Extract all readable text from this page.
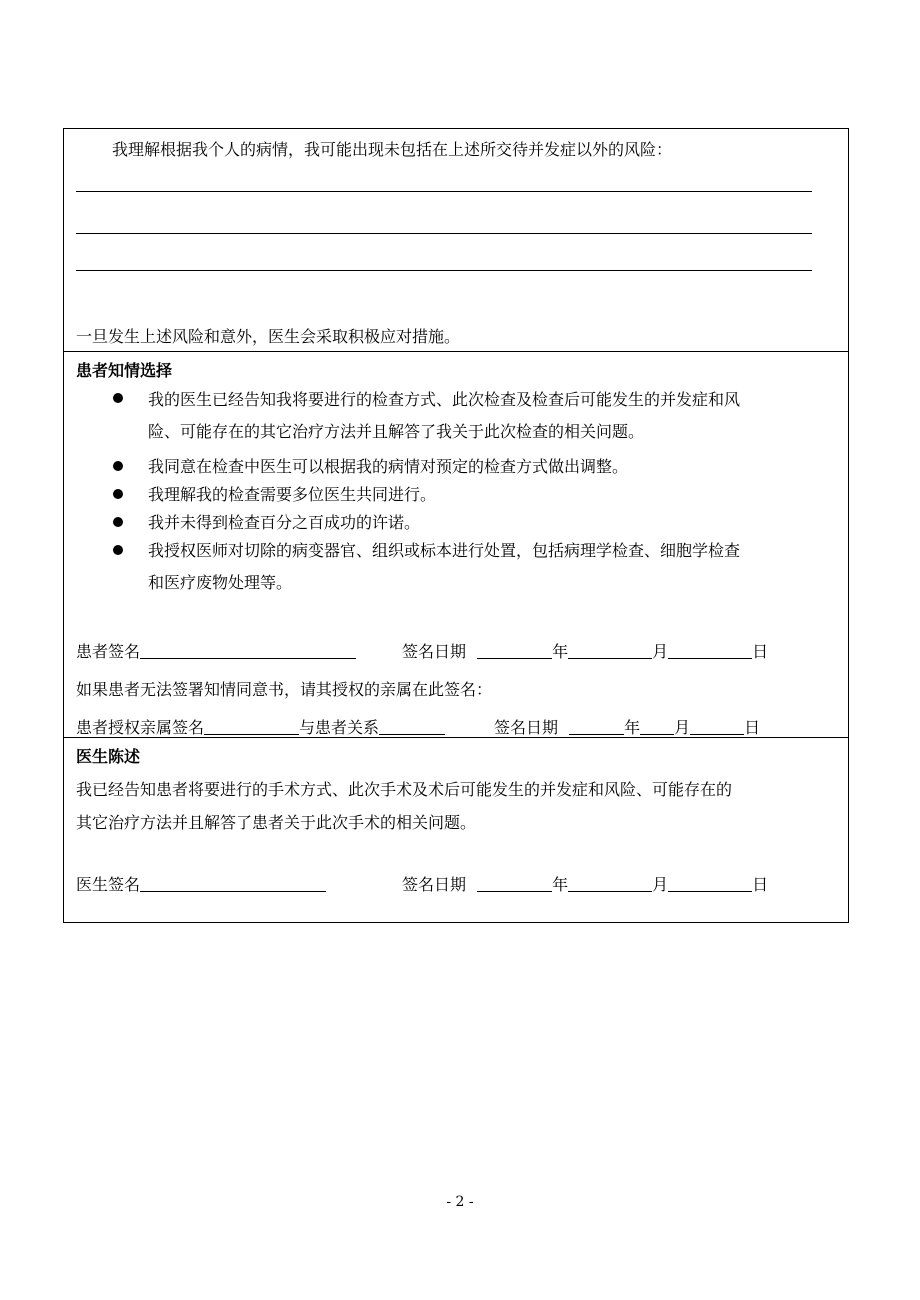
我理解根据我个人的病情，我可能出现未包括在上述所交待并发症以外的风险：
一旦发生上述风险和意外，医生会采取积极应对措施。
患者知情选择
我的医生已经告知我将要进行的检查方式、此次检查及检查后可能发生的并发症和风
险、可能存在的其它治疗方法并且解答了我关于此次检查的相关问题。
我同意在检查中医生可以根据我的病情对预定的检查方式做出调整。
我理解我的检查需要多位医生共同进行。
我并未得到检查百分之百成功的许诺。
我授权医师对切除的病变器官、组织或标本进行处置，包括病理学检查、细胞学检查
和医疗废物处理等。
患者签名	签名日期	年	月	日
如果患者无法签署知情同意书，请其授权的亲属在此签名：
患者授权亲属签名	与患者关系	签名日期	年 月	日
医生陈述
我已经告知患者将要进行的手术方式、此次手术及术后可能发生的并发症和风险、可能存在的
其它治疗方法并且解答了患者关于此次手术的相关问题。
医生签名	签名日期	年	月	日
- 2 -
